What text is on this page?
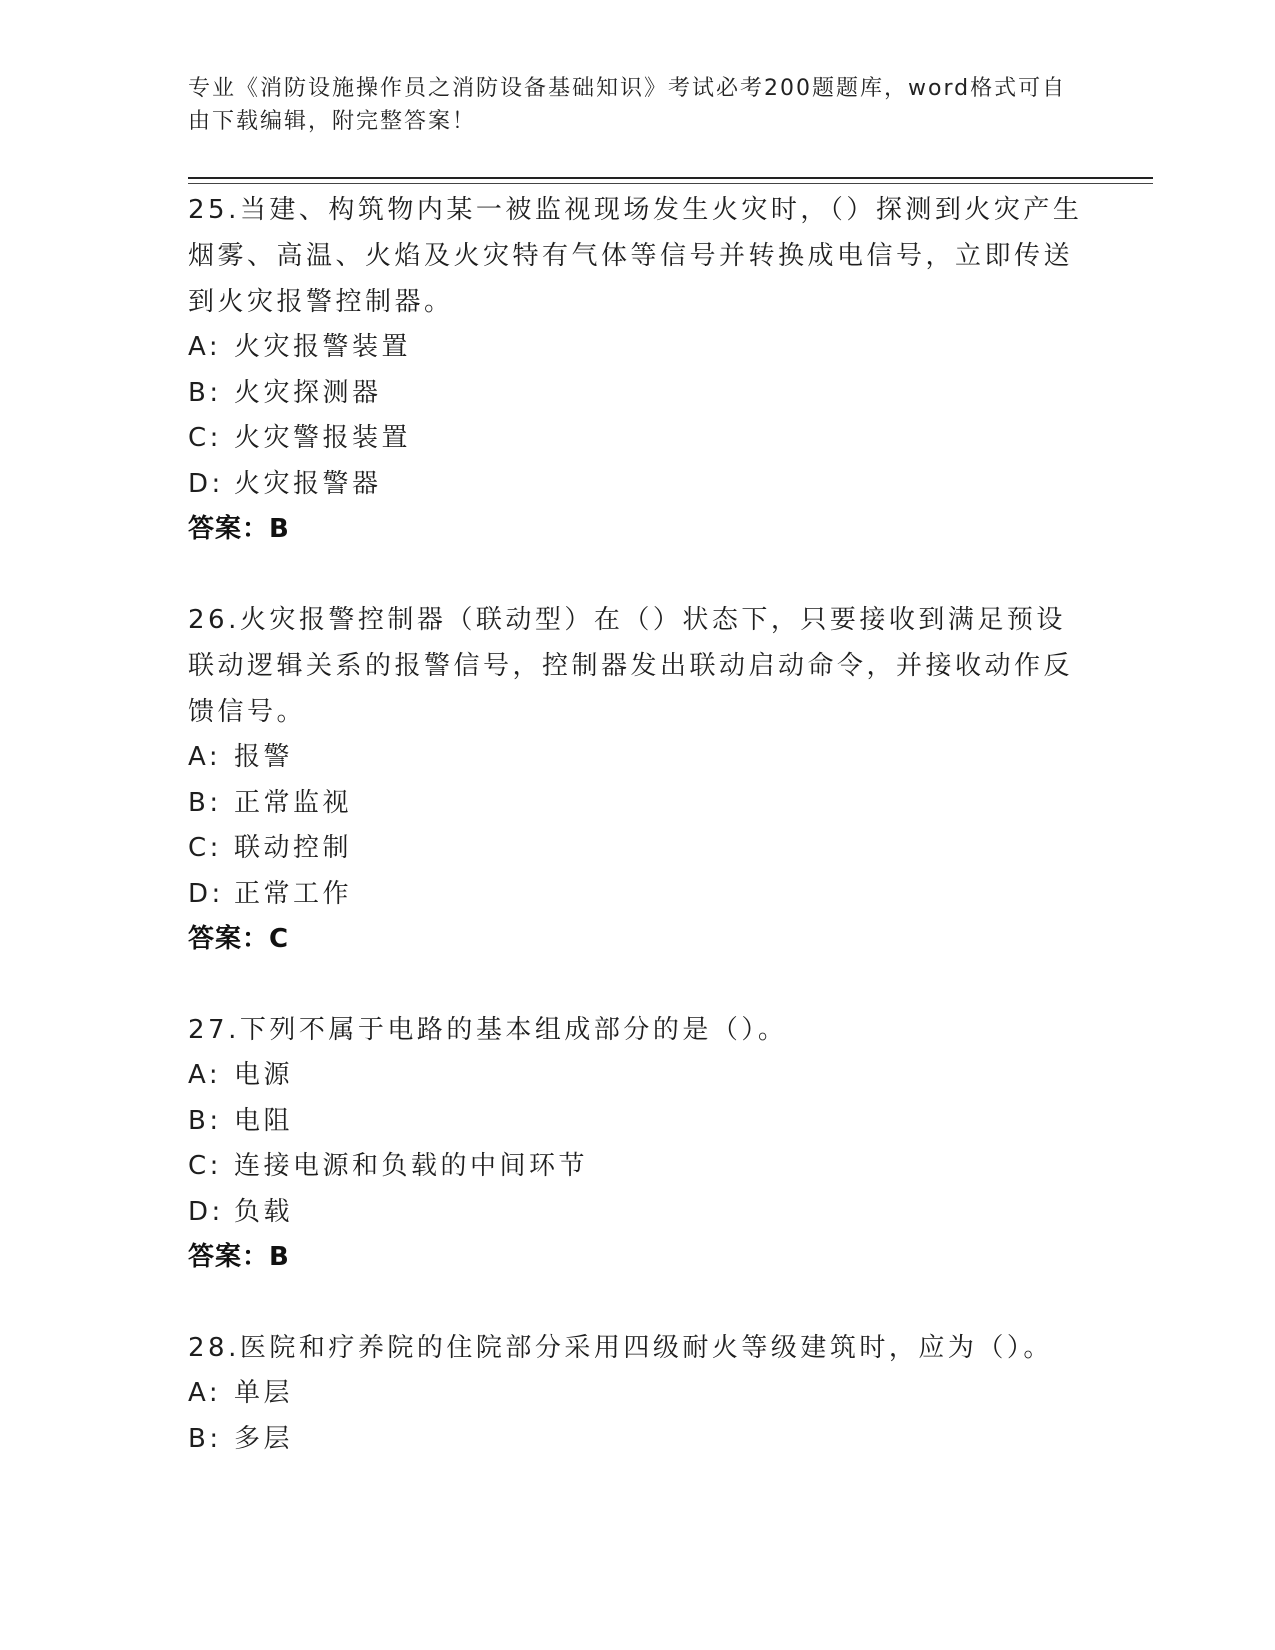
专业《消防设施操作员之消防设备基础知识》考试必考200题题库，word格式可自由下载编辑，附完整答案！
25.当建、构筑物内某一被监视现场发生火灾时，（）探测到火灾产生烟雾、高温、火焰及火灾特有气体等信号并转换成电信号，立即传送到火灾报警控制器。
A: 火灾报警装置
B: 火灾探测器
C: 火灾警报装置
D: 火灾报警器
答案：B
26.火灾报警控制器（联动型）在（）状态下，只要接收到满足预设联动逻辑关系的报警信号，控制器发出联动启动命令，并接收动作反馈信号。
A: 报警
B: 正常监视
C: 联动控制
D: 正常工作
答案：C
27.下列不属于电路的基本组成部分的是（）。
A: 电源
B: 电阻
C: 连接电源和负载的中间环节
D: 负载
答案：B
28.医院和疗养院的住院部分采用四级耐火等级建筑时，应为（）。
A: 单层
B: 多层
